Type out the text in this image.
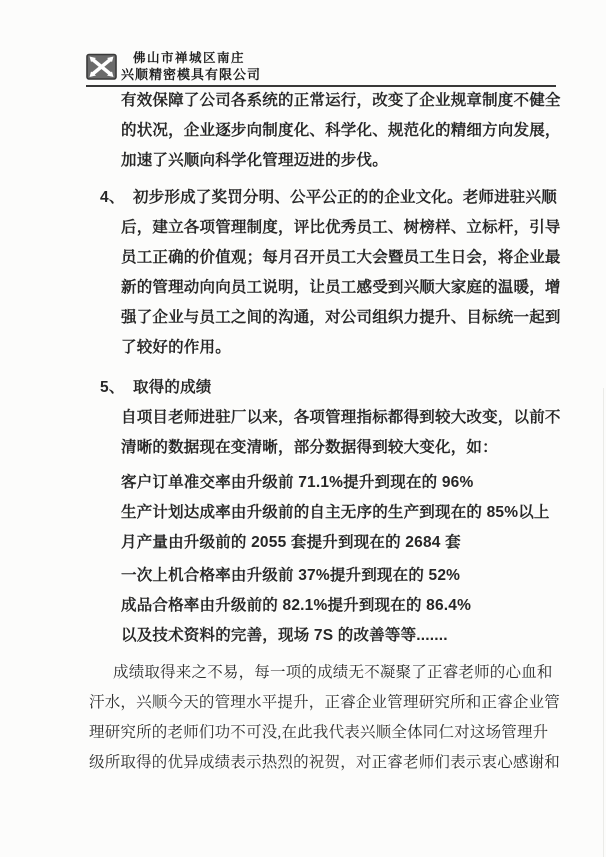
佛山市禅城区南庄
兴顺精密模具有限公司
有效保障了公司各系统的正常运行，改变了企业规章制度不健全
的状况，企业逐步向制度化、科学化、规范化的精细方向发展，
加速了兴顺向科学化管理迈进的步伐。
4、 初步形成了奖罚分明、公平公正的的企业文化。老师进驻兴顺
后，建立各项管理制度，评比优秀员工、树榜样、立标杆，引导
员工正确的价值观；每月召开员工大会暨员工生日会，将企业最
新的管理动向向员工说明，让员工感受到兴顺大家庭的温暖，增
强了企业与员工之间的沟通，对公司组织力提升、目标统一起到
了较好的作用。
5、 取得的成绩
自项目老师进驻厂以来，各项管理指标都得到较大改变，以前不
清晰的数据现在变清晰，部分数据得到较大变化，如：
客户订单准交率由升级前 71.1%提升到现在的 96%
生产计划达成率由升级前的自主无序的生产到现在的 85%以上
月产量由升级前的 2055 套提升到现在的 2684 套
一次上机合格率由升级前 37%提升到现在的 52%
成品合格率由升级前的 82.1%提升到现在的 86.4%
以及技术资料的完善，现场 7S 的改善等等.......
成绩取得来之不易，每一项的成绩无不凝聚了正睿老师的心血和
汗水，兴顺今天的管理水平提升，正睿企业管理研究所和正睿企业管
理研究所的老师们功不可没,在此我代表兴顺全体同仁对这场管理升
级所取得的优异成绩表示热烈的祝贺，对正睿老师们表示衷心感谢和
